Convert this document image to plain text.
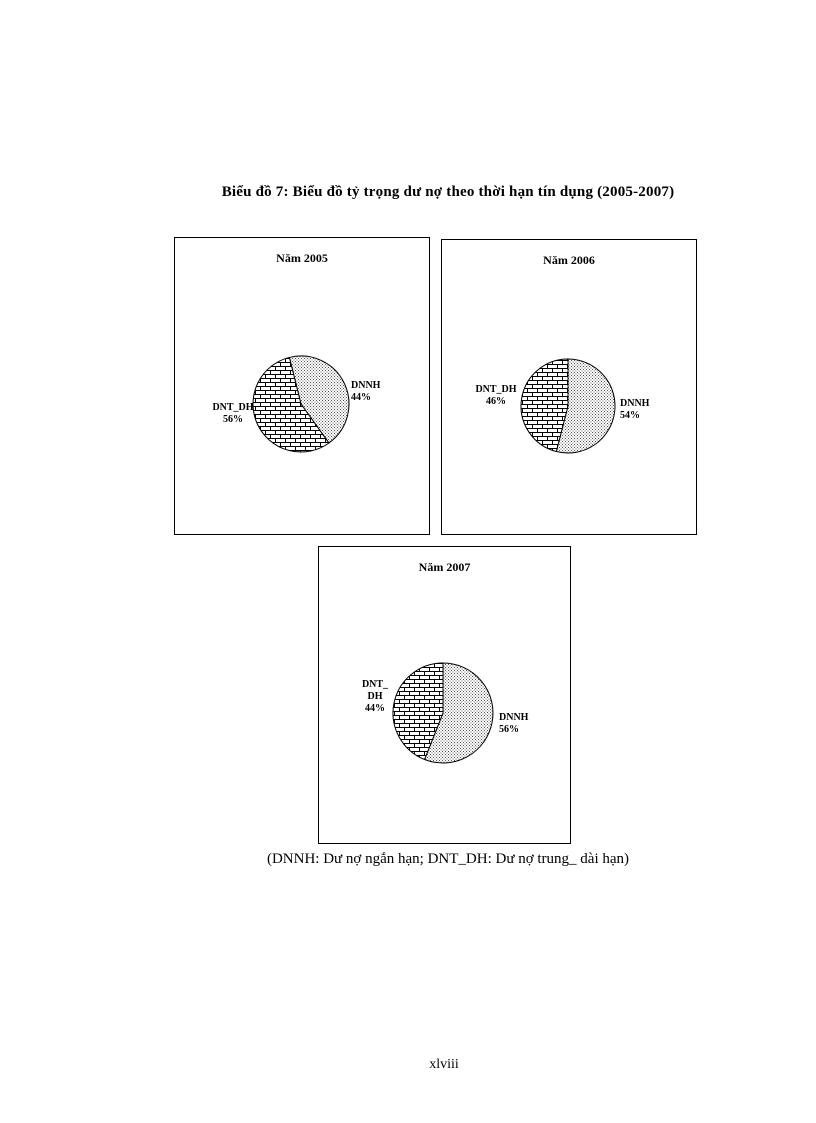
Biểu đồ 7: Biểu đồ tỷ trọng dư nợ theo thời hạn tín dụng (2005-2007)
Năm 2005
DNNH 44%
DNT_DH 56%
Năm 2006
DNNH 54%
DNT_DH 46%
Năm 2007
DNNH 56%
DNT_ DH 44%
(DNNH: Dư nợ ngắn hạn; DNT_DH: Dư nợ trung_ dài hạn)
xlviii
